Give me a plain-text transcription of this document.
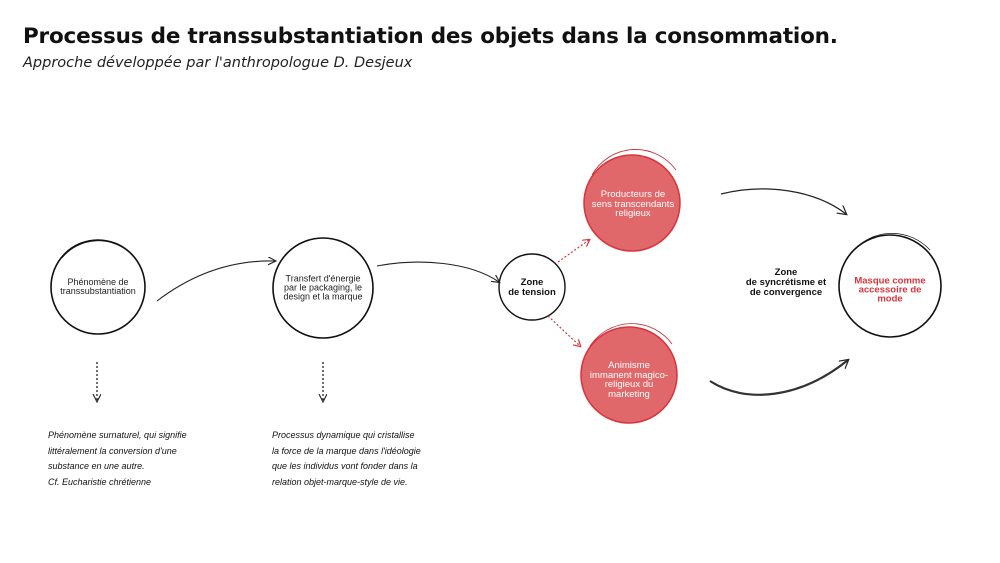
Processus de transsubstantiation des objets dans la consommation.

Approche développée par l'anthropologue D. Desjeux

Phénomène de
transsubstantiation
Transfert d'énergie
par le packaging, le
design et la marque
Zone
de tension
Producteurs de
sens transcendants
religieux
Animisme
immanent magico-
religieux du
marketing
Zone
de syncrétisme et
de convergence
Masque comme
accessoire de
mode
Phénomène surnaturel, qui signifie
littéralement la conversion d'une
substance en une autre.
Cf. Eucharistie chrétienne
Processus dynamique qui cristallise
la force de la marque dans l'idéologie
que les individus vont fonder dans la
relation objet-marque-style de vie.
